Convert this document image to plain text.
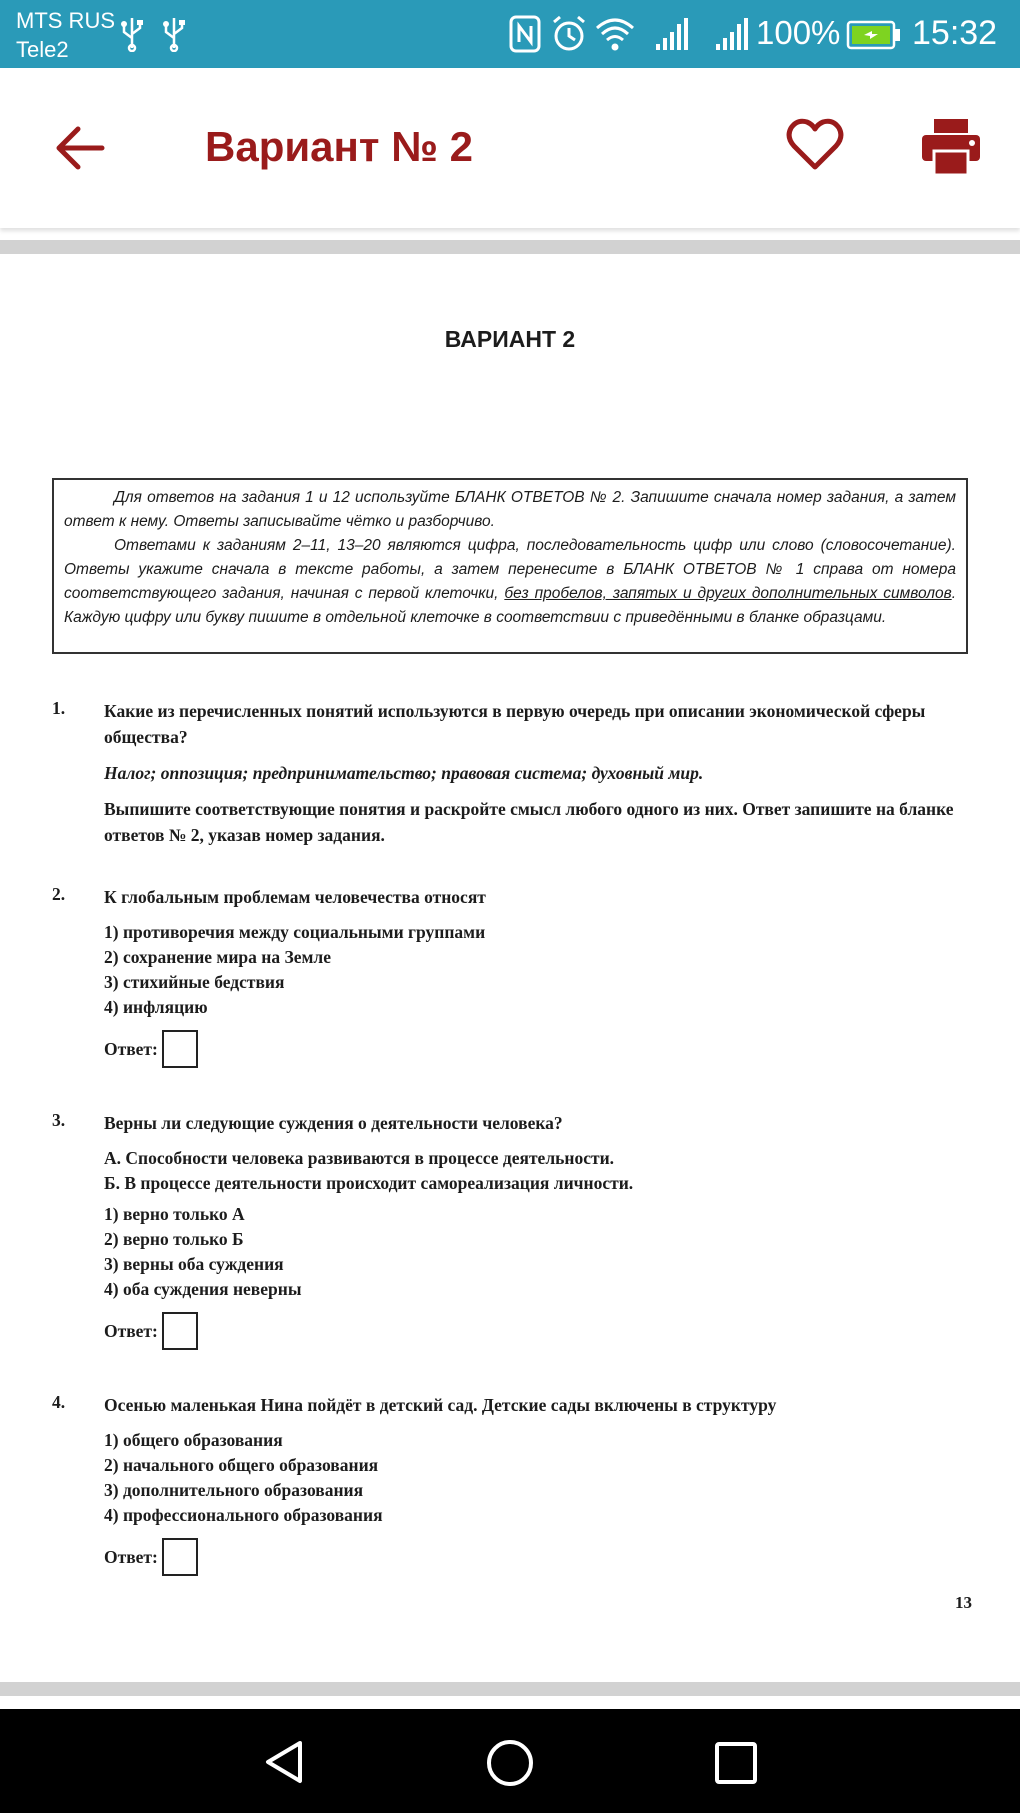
MTS RUS
Tele2	100% 15:32
Вариант № 2
ВАРИАНТ 2

Для ответов на задания 1 и 12 используйте БЛАНК ОТВЕТОВ № 2. Запишите сначала номер задания, а затем ответ к нему. Ответы записывайте чётко и разборчиво.

Ответами к заданиям 2–11, 13–20 являются цифра, последовательность цифр или слово (словосочетание). Ответы укажите сначала в тексте работы, а затем перенесите в БЛАНК ОТВЕТОВ № 1 справа от номера соответствующего задания, начиная с первой клеточки, без пробелов, запятых и других дополнительных символов. Каждую цифру или букву пишите в отдельной клеточке в соответствии с приведёнными в бланке образцами.

1. Какие из перечисленных понятий используются в первую очередь при описании экономической сферы общества?
Налог; оппозиция; предпринимательство; правовая система; духовный мир.
Выпишите соответствующие понятия и раскройте смысл любого одного из них. Ответ запишите на бланке ответов № 2, указав номер задания.
2. К глобальным проблемам человечества относят
1) противоречия между социальными группами
2) сохранение мира на Земле
3) стихийные бедствия
4) инфляцию
Ответ:
3. Верны ли следующие суждения о деятельности человека?
А. Способности человека развиваются в процессе деятельности.
Б. В процессе деятельности происходит самореализация личности.
1) верно только А
2) верно только Б
3) верны оба суждения
4) оба суждения неверны
Ответ:
4. Осенью маленькая Нина пойдёт в детский сад. Детские сады включены в структуру
1) общего образования
2) начального общего образования
3) дополнительного образования
4) профессионального образования
Ответ:
13
